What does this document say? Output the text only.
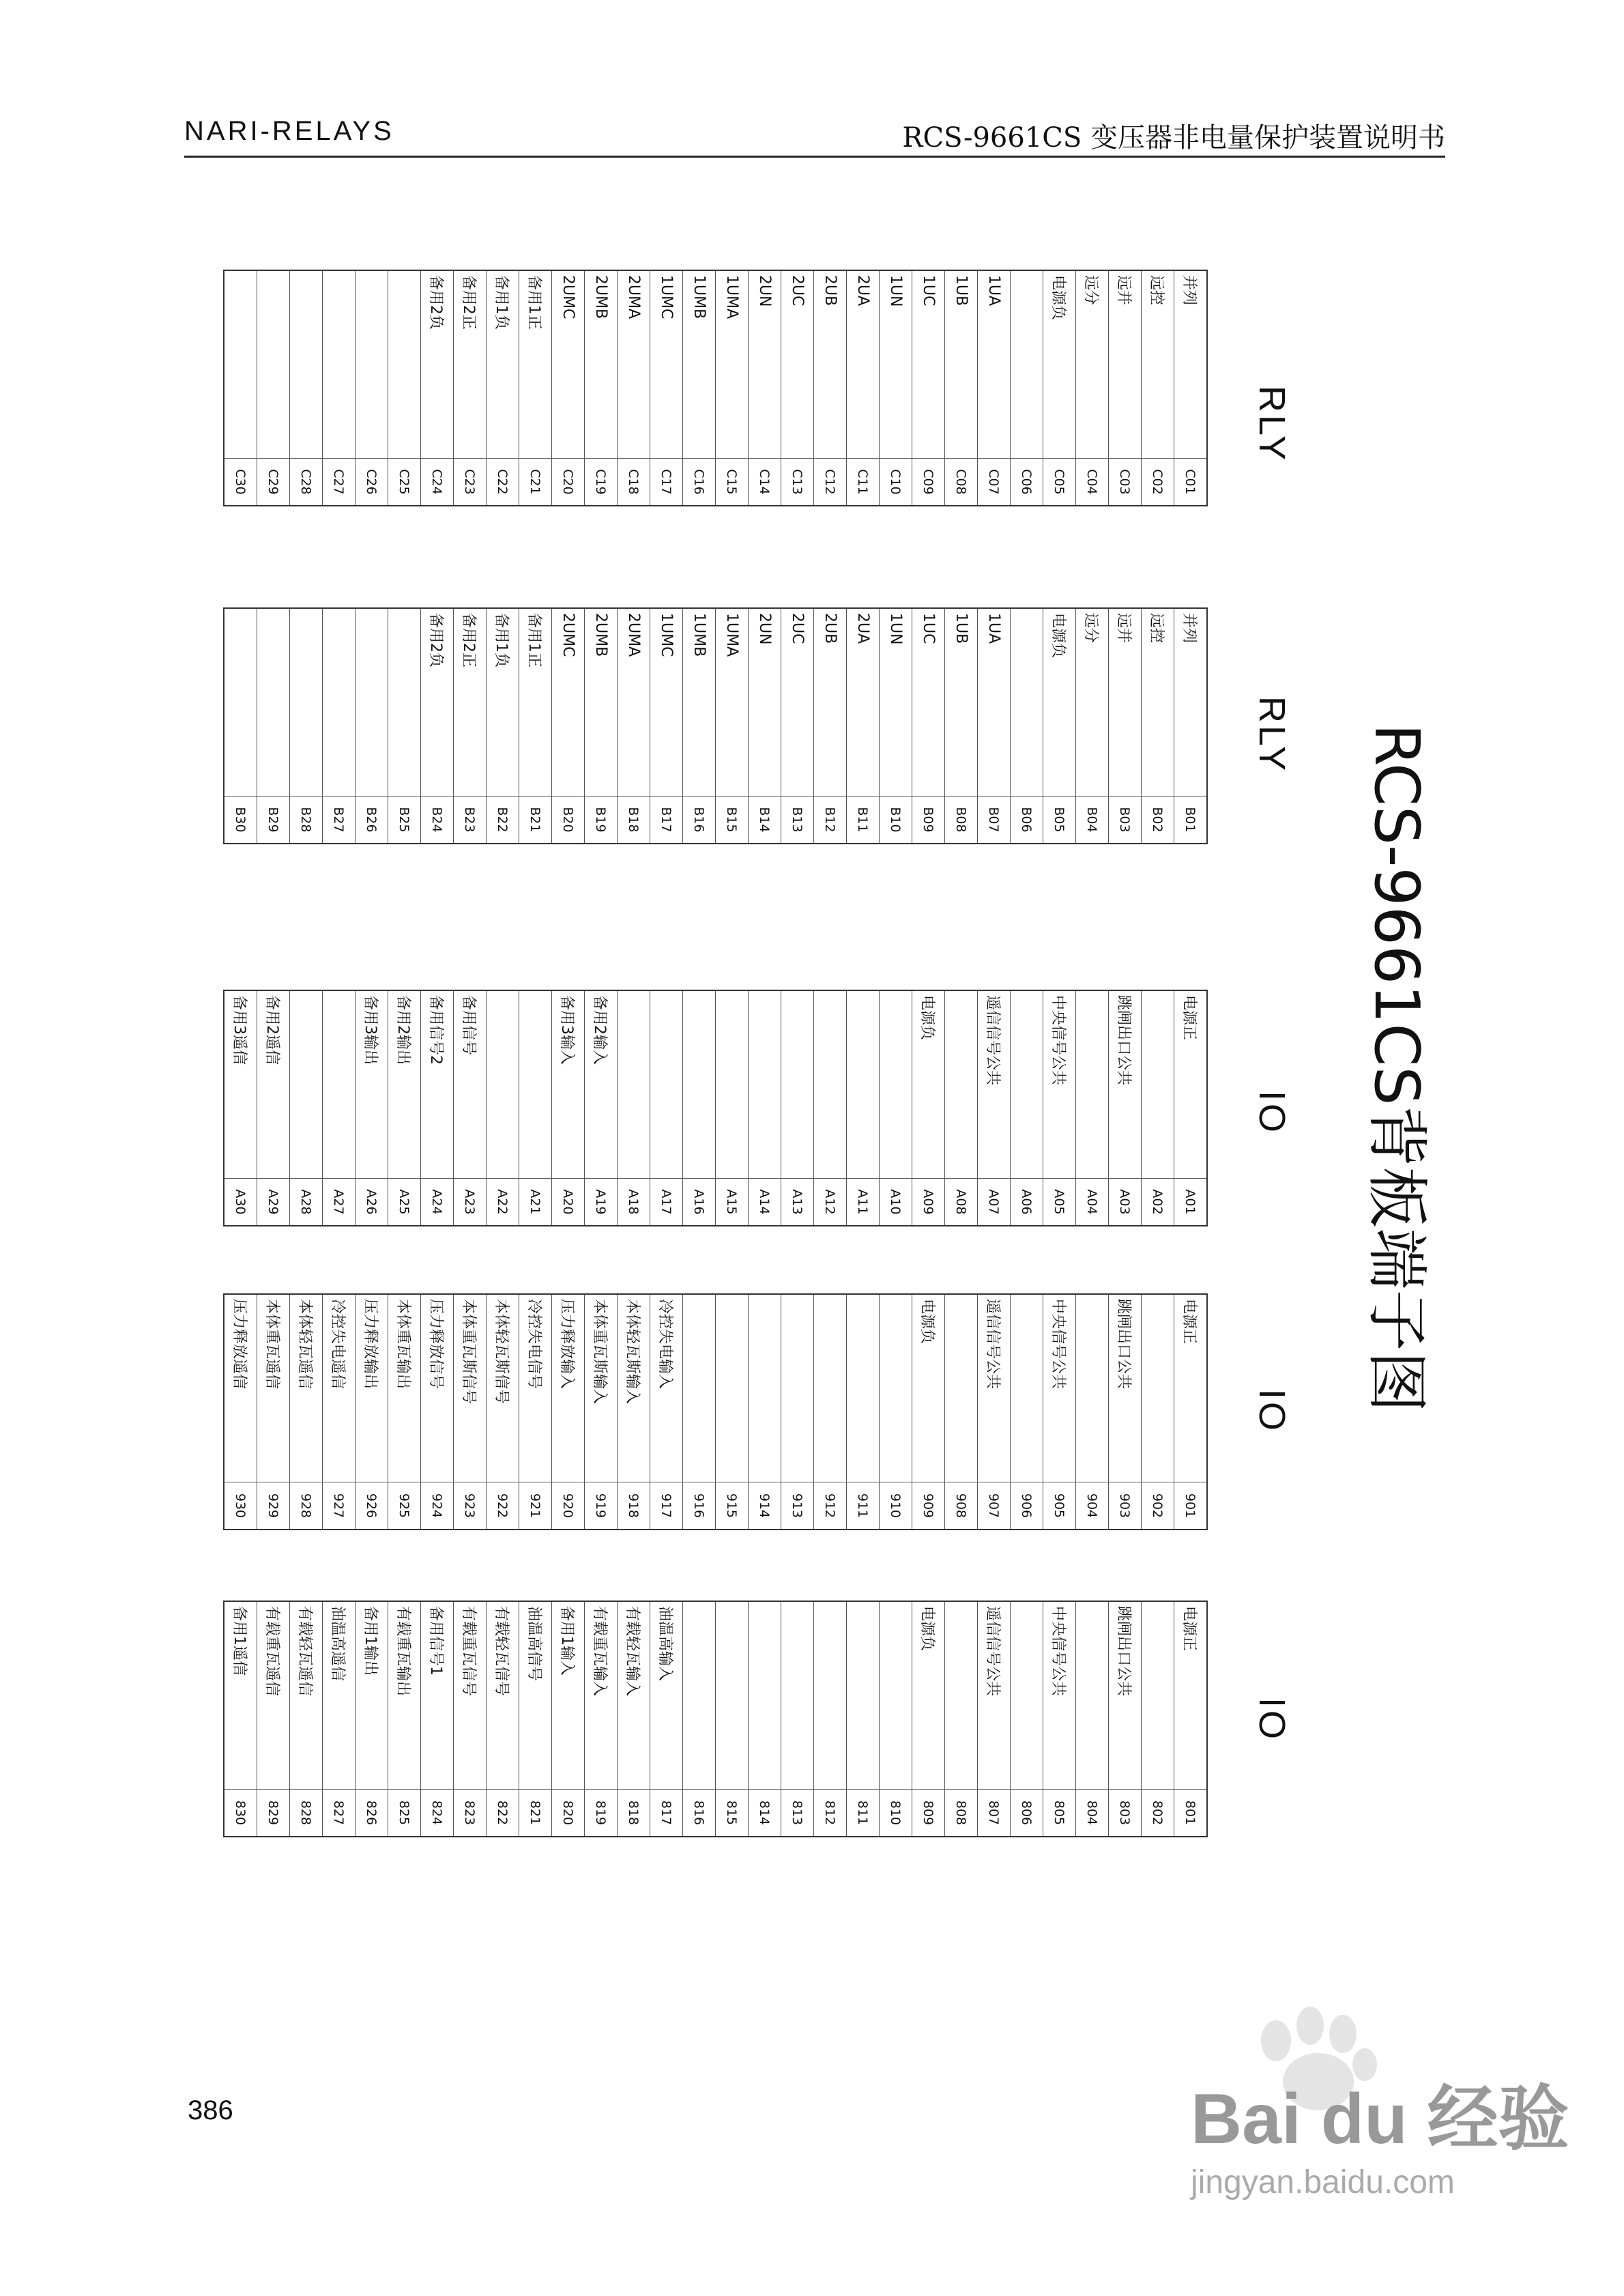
NARI-RELAYS	RCS-9661CS 变压器非电量保护装置说明书
并列	C01
远控	C02
远并	C03
远分	C04
电源负	C05
	C06
1UA	C07
1UB	C08
1UC	C09
1UN	C10
2UA	C11
2UB	C12
2UC	C13
2UN	C14
1UMA	C15
1UMB	C16
1UMC	C17
2UMA	C18
2UMB	C19
2UMC	C20
备用1正	C21
备用1负	C22
备用2正	C23
备用2负	C24
	C25
	C26
	C27
	C28
	C29
	C30
RLY
并列	B01
远控	B02
远并	B03
远分	B04
电源负	B05
	B06
1UA	B07
1UB	B08
1UC	B09
1UN	B10
2UA	B11
2UB	B12
2UC	B13
2UN	B14
1UMA	B15
1UMB	B16
1UMC	B17
2UMA	B18
2UMB	B19
2UMC	B20
备用1正	B21
备用1负	B22
备用2正	B23
备用2负	B24
	B25
	B26
	B27
	B28
	B29
	B30
RLY
电源正	A01
	A02
跳闸出口公共	A03
	A04
中央信号公共	A05
	A06
遥信信号公共	A07
	A08
电源负	A09
	A10
	A11
	A12
	A13
	A14
	A15
	A16
	A17
	A18
备用2输入	A19
备用3输入	A20
	A21
	A22
备用信号	A23
备用信号2	A24
备用2输出	A25
备用3输出	A26
	A27
	A28
备用2遥信	A29
备用3遥信	A30
IO
电源正	901
	902
跳闸出口公共	903
	904
中央信号公共	905
	906
遥信信号公共	907
	908
电源负	909
	910
	911
	912
	913
	914
	915
	916
冷控失电输入	917
本体轻瓦斯输入	918
本体重瓦斯输入	919
压力释放输入	920
冷控失电信号	921
本体轻瓦斯信号	922
本体重瓦斯信号	923
压力释放信号	924
本体重瓦输出	925
压力释放输出	926
冷控失电遥信	927
本体轻瓦遥信	928
本体重瓦遥信	929
压力释放遥信	930
IO
电源正	801
	802
跳闸出口公共	803
	804
中央信号公共	805
	806
遥信信号公共	807
	808
电源负	809
	810
	811
	812
	813
	814
	815
	816
油温高输入	817
有载轻瓦输入	818
有载重瓦输入	819
备用1输入	820
油温高信号	821
有载轻瓦信号	822
有载重瓦信号	823
备用信号1	824
有载重瓦输出	825
备用1输出	826
油温高遥信	827
有载轻瓦遥信	828
有载重瓦遥信	829
备用1遥信	830
IO
RCS-9661CS背板端子图
386	Bai du 经验
jingyan.baidu.com
